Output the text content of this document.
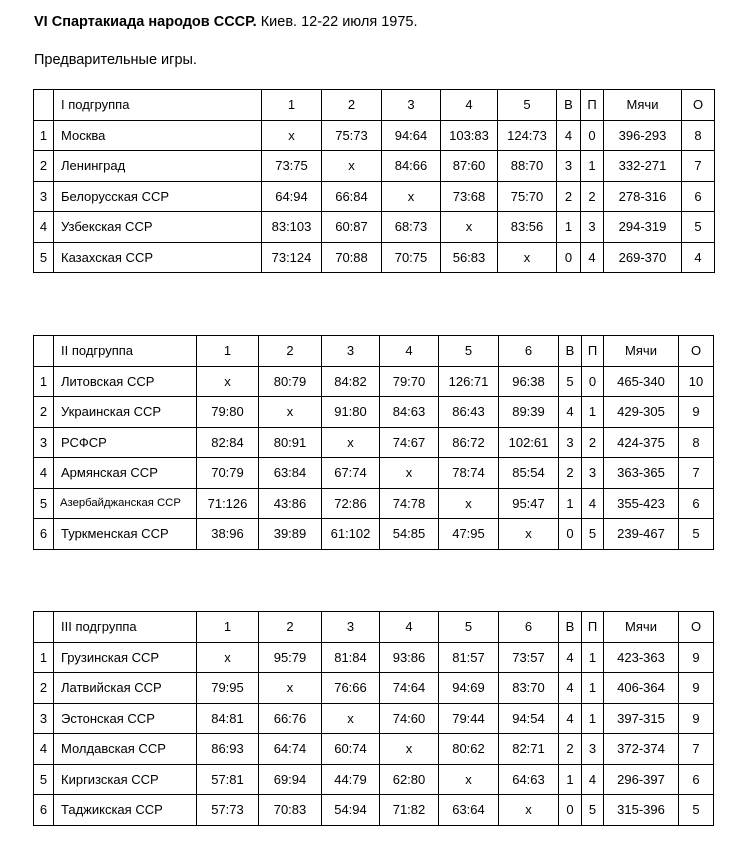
VI Спартакиада народов СССР. Киев. 12-22 июля 1975.
Предварительные игры.
	I подгруппа	1	2	3	4	5	В	П	Мячи	О
1	Москва	x	75:73	94:64	103:83	124:73	4	0	396-293	8
2	Ленинград	73:75	x	84:66	87:60	88:70	3	1	332-271	7
3	Белорусская ССР	64:94	66:84	x	73:68	75:70	2	2	278-316	6
4	Узбекская ССР	83:103	60:87	68:73	x	83:56	1	3	294-319	5
5	Казахская ССР	73:124	70:88	70:75	56:83	x	0	4	269-370	4
	II подгруппа	1	2	3	4	5	6	В	П	Мячи	О
1	Литовская ССР	x	80:79	84:82	79:70	126:71	96:38	5	0	465-340	10
2	Украинская ССР	79:80	x	91:80	84:63	86:43	89:39	4	1	429-305	9
3	РСФСР	82:84	80:91	x	74:67	86:72	102:61	3	2	424-375	8
4	Армянская ССР	70:79	63:84	67:74	x	78:74	85:54	2	3	363-365	7
5	Азербайджанская ССР	71:126	43:86	72:86	74:78	x	95:47	1	4	355-423	6
6	Туркменская ССР	38:96	39:89	61:102	54:85	47:95	x	0	5	239-467	5
	III подгруппа	1	2	3	4	5	6	В	П	Мячи	О
1	Грузинская ССР	x	95:79	81:84	93:86	81:57	73:57	4	1	423-363	9
2	Латвийская ССР	79:95	x	76:66	74:64	94:69	83:70	4	1	406-364	9
3	Эстонская ССР	84:81	66:76	x	74:60	79:44	94:54	4	1	397-315	9
4	Молдавская ССР	86:93	64:74	60:74	x	80:62	82:71	2	3	372-374	7
5	Киргизская ССР	57:81	69:94	44:79	62:80	x	64:63	1	4	296-397	6
6	Таджикская ССР	57:73	70:83	54:94	71:82	63:64	x	0	5	315-396	5
